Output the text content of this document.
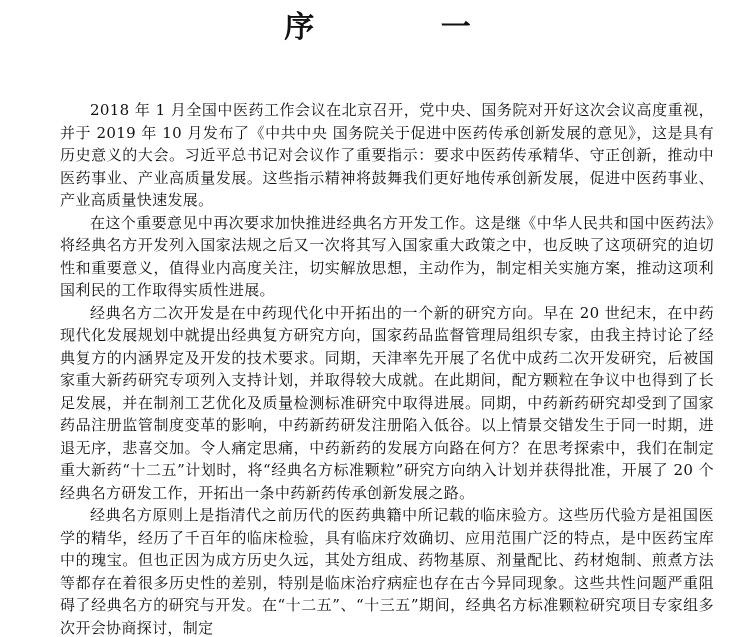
序 一

2018 年 1 月全国中医药工作会议在北京召开，党中央、国务院对开好这次会议高度重视，并于 2019 年 10 月发布了《中共中央 国务院关于促进中医药传承创新发展的意见》，这是具有历史意义的大会。习近平总书记对会议作了重要指示：要求中医药传承精华、守正创新，推动中医药事业、产业高质量发展。这些指示精神将鼓舞我们更好地传承创新发展，促进中医药事业、产业高质量快速发展。

在这个重要意见中再次要求加快推进经典名方开发工作。这是继《中华人民共和国中医药法》将经典名方开发列入国家法规之后又一次将其写入国家重大政策之中，也反映了这项研究的迫切性和重要意义，值得业内高度关注，切实解放思想，主动作为，制定相关实施方案，推动这项利国利民的工作取得实质性进展。

经典名方二次开发是在中药现代化中开拓出的一个新的研究方向。早在 20 世纪末，在中药现代化发展规划中就提出经典复方研究方向，国家药品监督管理局组织专家，由我主持讨论了经典复方的内涵界定及开发的技术要求。同期，天津率先开展了名优中成药二次开发研究，后被国家重大新药研究专项列入支持计划，并取得较大成就。在此期间，配方颗粒在争议中也得到了长足发展，并在制剂工艺优化及质量检测标准研究中取得进展。同期，中药新药研究却受到了国家药品注册监管制度变革的影响，中药新药研发注册陷入低谷。以上情景交错发生于同一时期，进退无序，悲喜交加。令人痛定思痛，中药新药的发展方向路在何方？在思考探索中，我们在制定重大新药“十二五”计划时，将“经典名方标准颗粒”研究方向纳入计划并获得批准，开展了 20 个经典名方研发工作，开拓出一条中药新药传承创新发展之路。

经典名方原则上是指清代之前历代的医药典籍中所记载的临床验方。这些历代验方是祖国医学的精华，经历了千百年的临床检验，具有临床疗效确切、应用范围广泛的特点，是中医药宝库中的瑰宝。但也正因为成方历史久远，其处方组成、药物基原、剂量配比、药材炮制、煎煮方法等都存在着很多历史性的差别，特别是临床治疗病症也存在古今异同现象。这些共性问题严重阻碍了经典名方的研究与开发。在“十二五”、“十三五”期间，经典名方标准颗粒研究项目专家组多次开会协商探讨，制定
